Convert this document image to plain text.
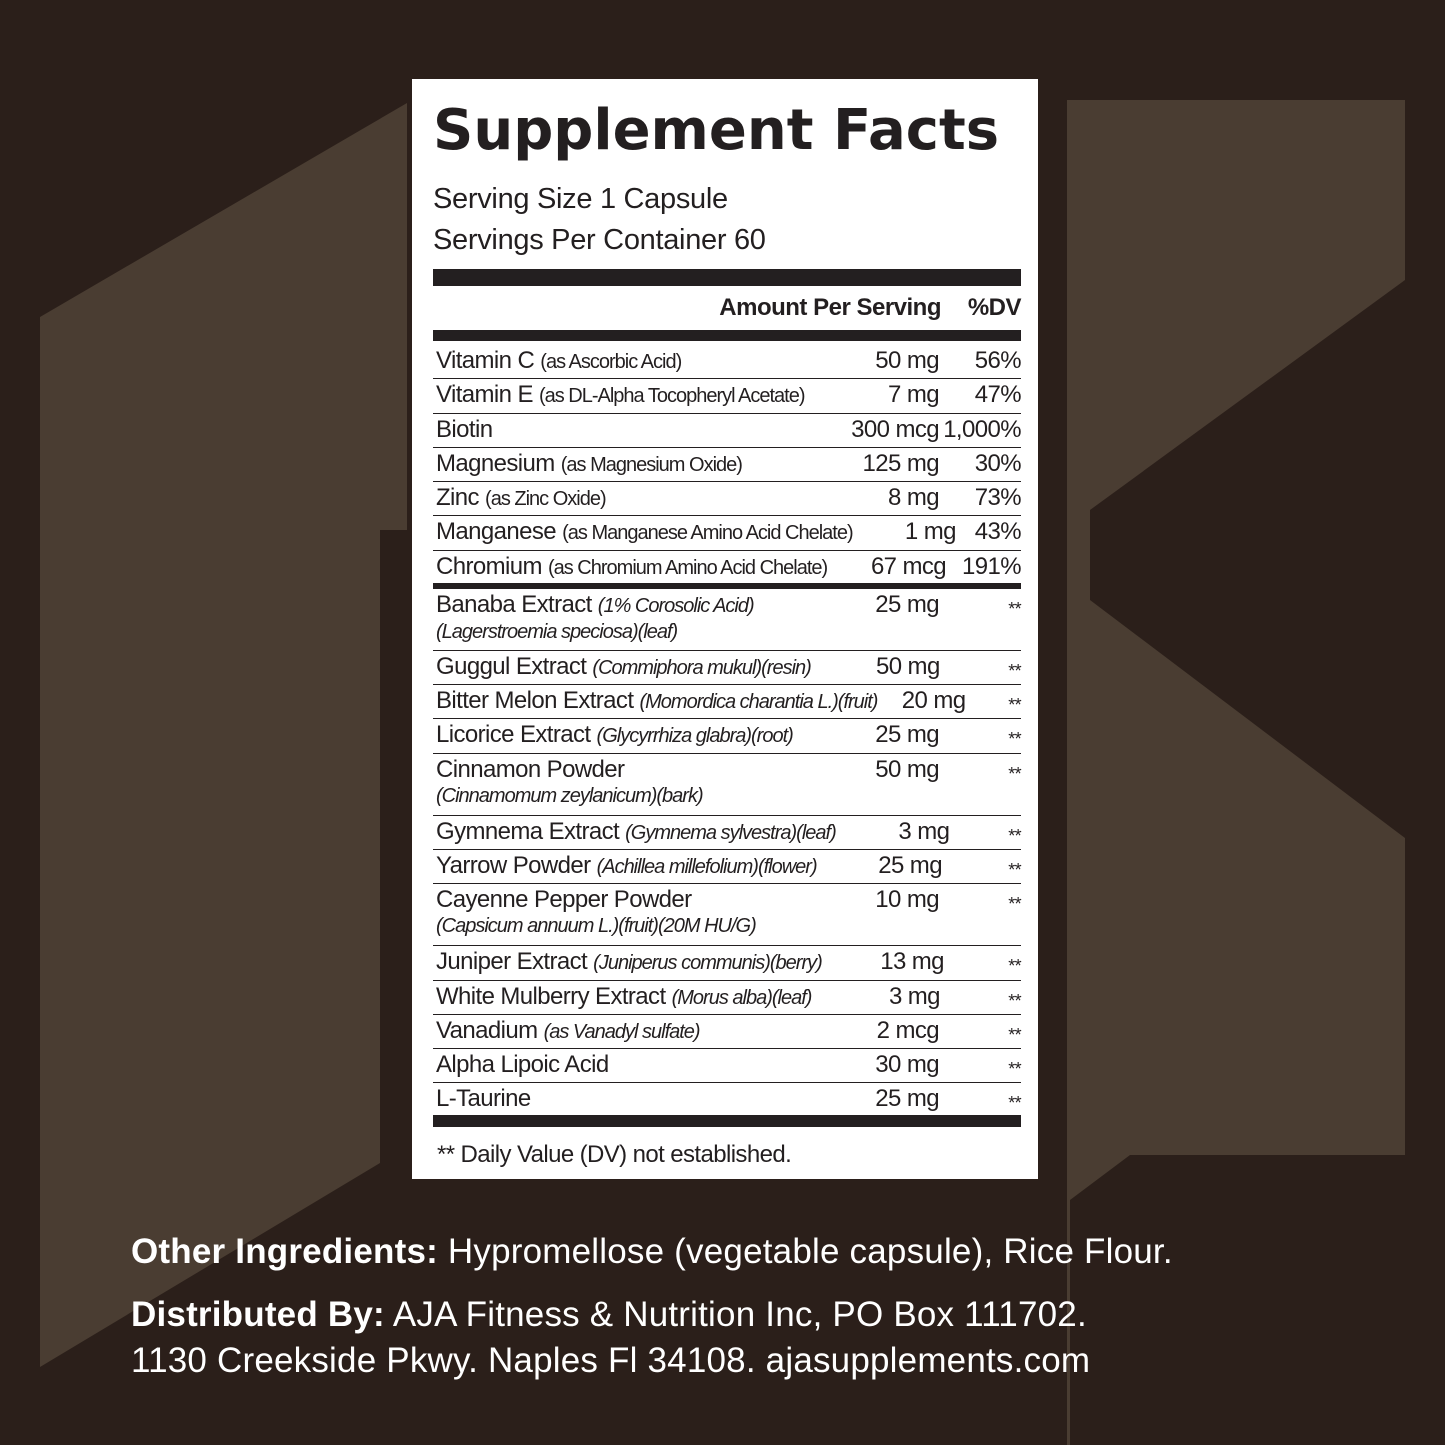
Supplement Facts
Serving Size 1 Capsule
Servings Per Container 60
Amount Per Serving	%DV
Vitamin C (as Ascorbic Acid)	50 mg	56%
Vitamin E (as DL-Alpha Tocopheryl Acetate)	7 mg	47%
Biotin	300 mcg 1,000%
Magnesium (as Magnesium Oxide)	125 mg	30%
Zinc (as Zinc Oxide)	8 mg	73%
Manganese (as Manganese Amino Acid Chelate)	1 mg 43%
Chromium (as Chromium Amino Acid Chelate)	67 mcg 191%
Banaba Extract (1% Corosolic Acid)
(Lagerstroemia speciosa)(leaf)
25 mg	**
Guggul Extract (Commiphora mukul)(resin)	50 mg	**
Bitter Melon Extract (Momordica charantia L.)(fruit)	20 mg	**
Licorice Extract (Glycyrrhiza glabra)(root)	25 mg	**
Cinnamon Powder
(Cinnamomum zeylanicum)(bark)
50 mg	**
Gymnema Extract (Gymnema sylvestra)(leaf)	3 mg	**
Yarrow Powder (Achillea millefolium)(flower)	25 mg	**
Cayenne Pepper Powder
(Capsicum annuum L.)(fruit)(20M HU/G)
10 mg	**
Juniper Extract (Juniperus communis)(berry)	13 mg	**
White Mulberry Extract (Morus alba)(leaf)	3 mg	**
Vanadium (as Vanadyl sulfate)	2 mcg	**
Alpha Lipoic Acid	30 mg	**
L-Taurine	25 mg	**
** Daily Value (DV) not established.
Other Ingredients: Hypromellose (vegetable capsule), Rice Flour.
Distributed By: AJA Fitness & Nutrition Inc, PO Box 111702.
1130 Creekside Pkwy. Naples Fl 34108. ajasupplements.com
